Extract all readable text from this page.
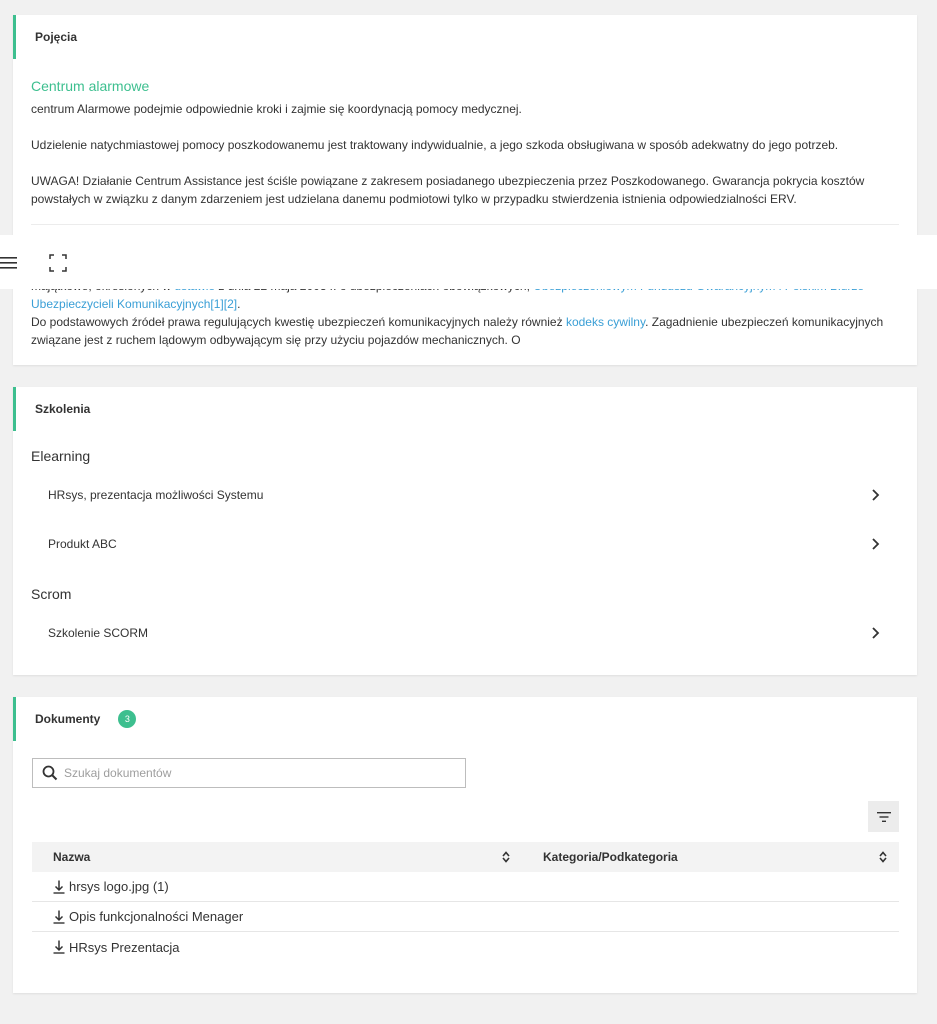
Pojęcia
Centrum alarmowe
centrum Alarmowe podejmie odpowiednie kroki i zajmie się koordynacją pomocy medycznej.
Udzielenie natychmiastowej pomocy poszkodowanemu jest traktowany indywidualnie, a jego szkoda obsługiwana w sposób adekwatny do jego potrzeb.
UWAGA! Działanie Centrum Assistance jest ściśle powiązane z zakresem posiadanego ubezpieczenia przez Poszkodowanego. Gwarancja pokrycia kosztów powstałych w związku z danym zdarzeniem jest udzielana danemu podmiotowi tylko w przypadku stwierdzenia istnienia odpowiedzialności ERV.
Ubezpieczycieli Komunikacyjnych[1][2].
Do podstawowych źródeł prawa regulujących kwestię ubezpieczeń komunikacyjnych należy również kodeks cywilny. Zagadnienie ubezpieczeń komunikacyjnych związane jest z ruchem lądowym odbywającym się przy użyciu pojazdów mechanicznych. O
Szkolenia
Elearning
HRsys, prezentacja możliwości Systemu
Produkt ABC
Scrom
Szkolenie SCORM
Dokumenty	3
Szukaj dokumentów
Nazwa	Kategoria/Podkategoria
hrsys logo.jpg (1)
Opis funkcjonalności Menager
HRsys Prezentacja
